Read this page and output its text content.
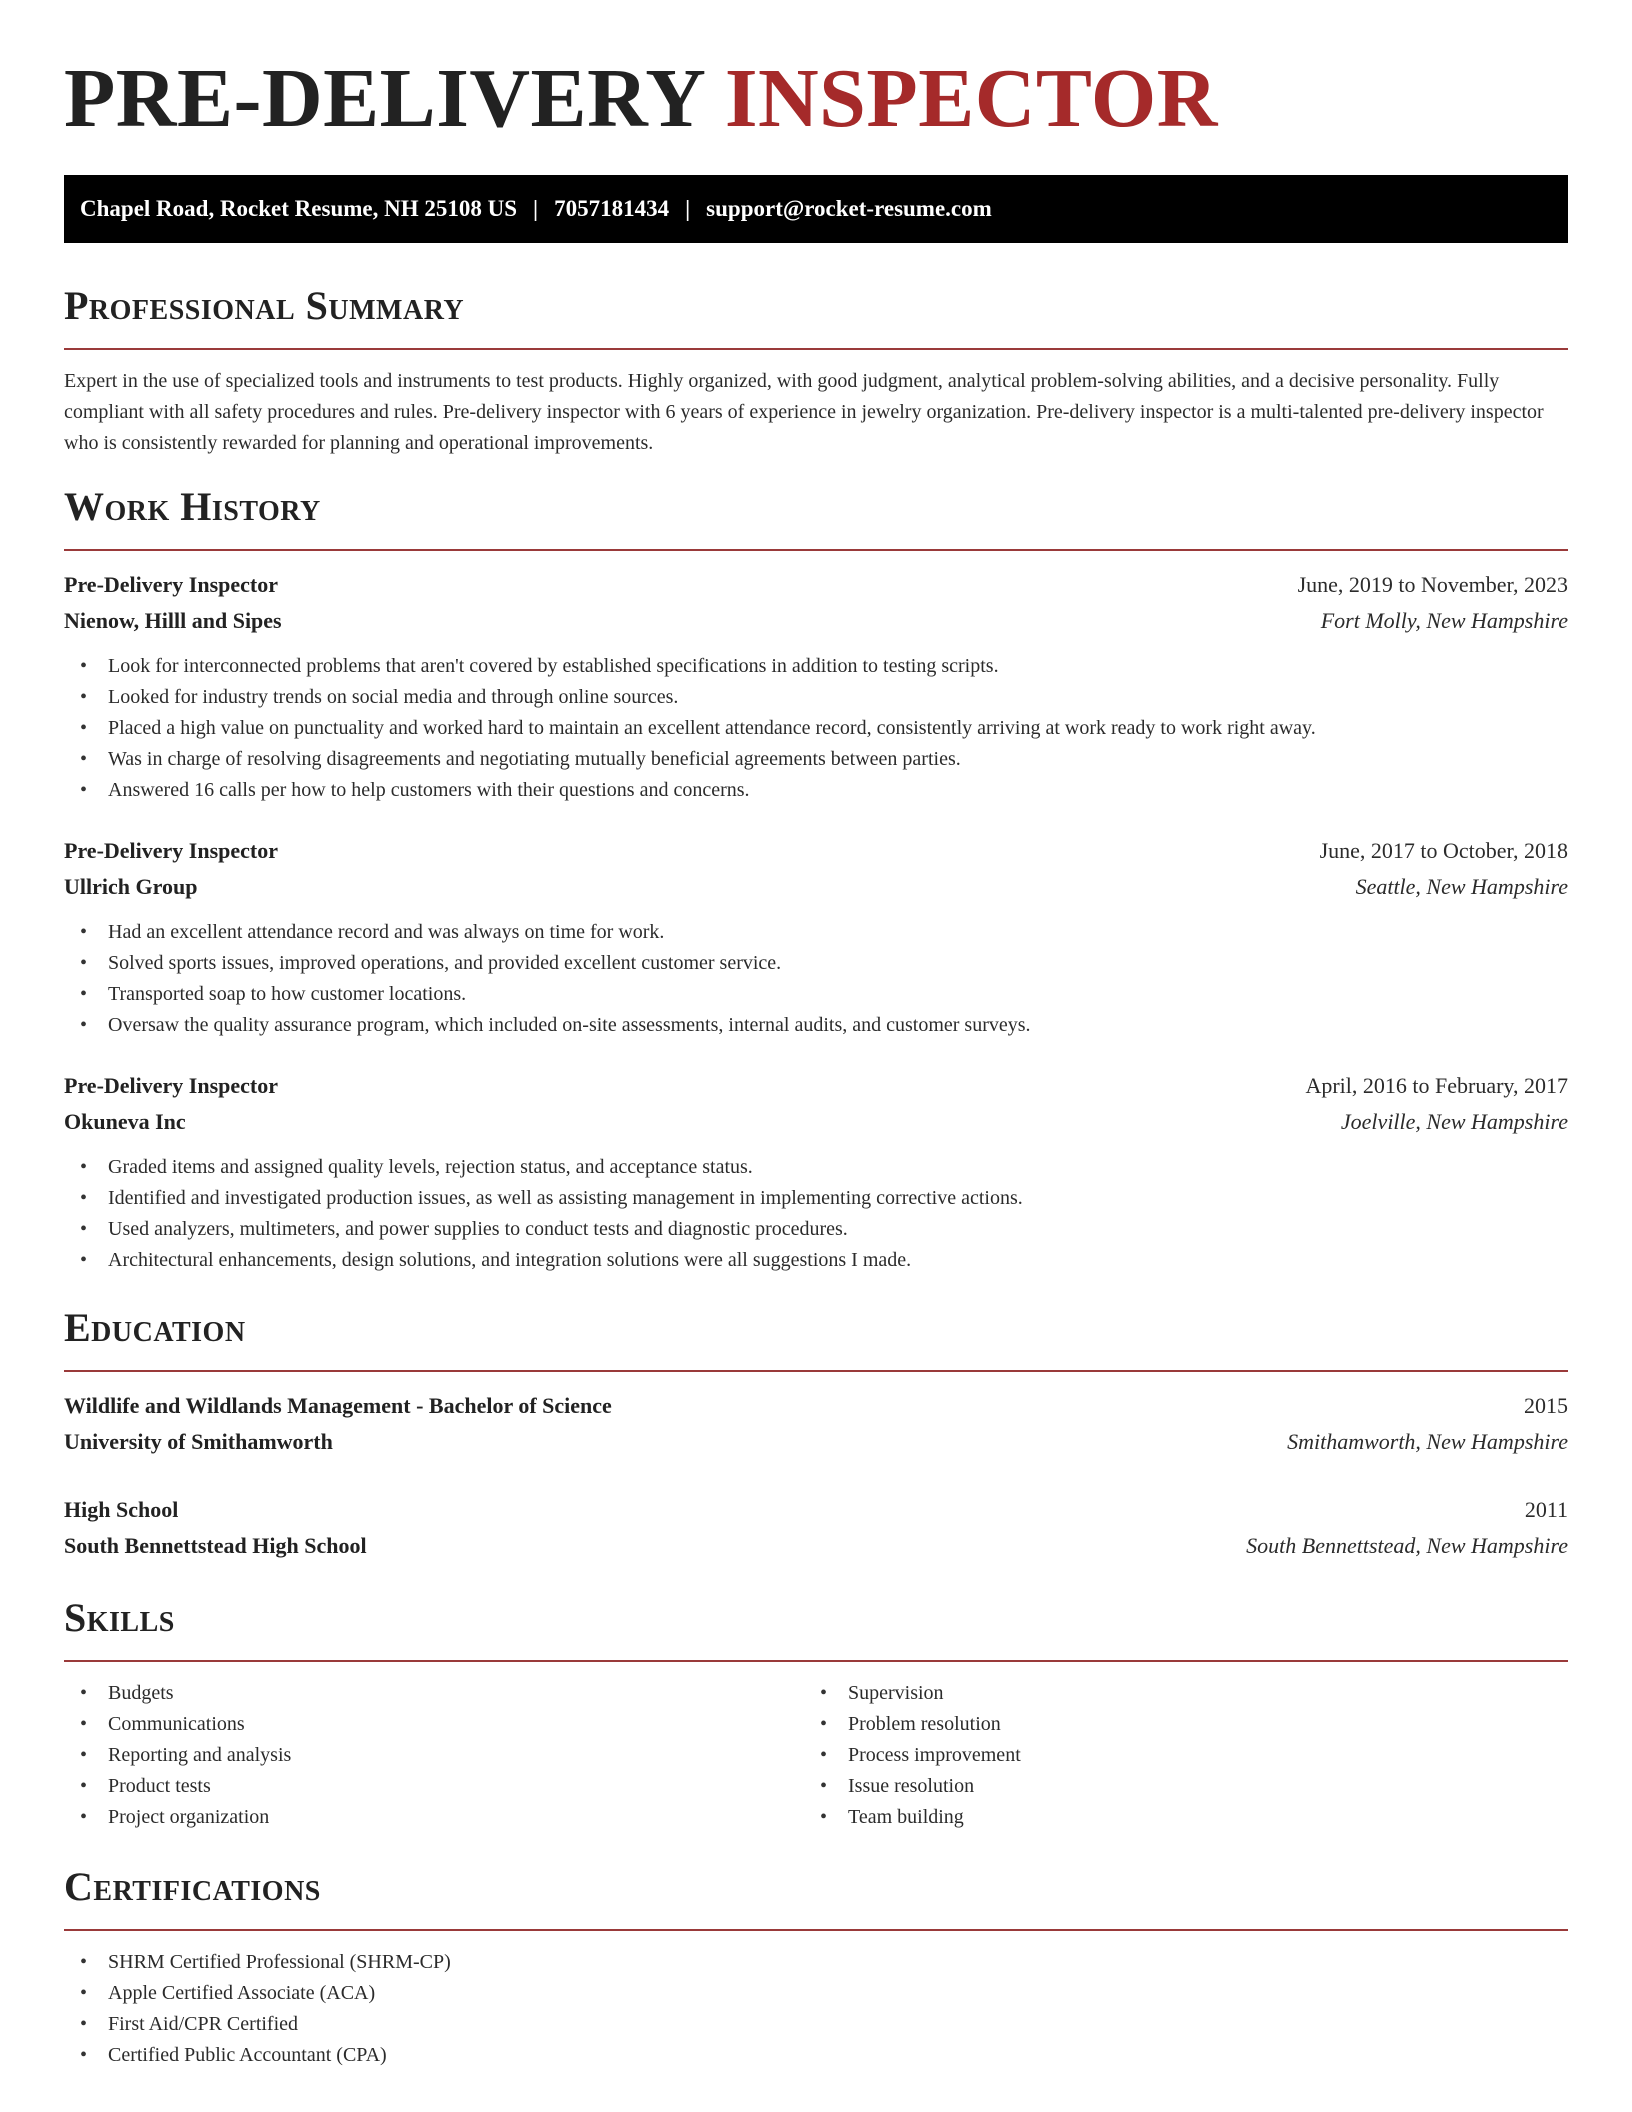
PRE-DELIVERY INSPECTOR
Chapel Road, Rocket Resume, NH 25108 US | 7057181434 | support@rocket-resume.com
Professional Summary
Expert in the use of specialized tools and instruments to test products. Highly organized, with good judgment, analytical problem-solving abilities, and a decisive personality. Fully compliant with all safety procedures and rules. Pre-delivery inspector with 6 years of experience in jewelry organization. Pre-delivery inspector is a multi-talented pre-delivery inspector who is consistently rewarded for planning and operational improvements.
Work History
Pre-Delivery Inspector	June, 2019 to November, 2023
Nienow, Hilll and Sipes	Fort Molly, New Hampshire
• Look for interconnected problems that aren't covered by established specifications in addition to testing scripts.
• Looked for industry trends on social media and through online sources.
• Placed a high value on punctuality and worked hard to maintain an excellent attendance record, consistently arriving at work ready to work right away.
• Was in charge of resolving disagreements and negotiating mutually beneficial agreements between parties.
• Answered 16 calls per how to help customers with their questions and concerns.
Pre-Delivery Inspector	June, 2017 to October, 2018
Ullrich Group	Seattle, New Hampshire
• Had an excellent attendance record and was always on time for work.
• Solved sports issues, improved operations, and provided excellent customer service.
• Transported soap to how customer locations.
• Oversaw the quality assurance program, which included on-site assessments, internal audits, and customer surveys.
Pre-Delivery Inspector	April, 2016 to February, 2017
Okuneva Inc	Joelville, New Hampshire
• Graded items and assigned quality levels, rejection status, and acceptance status.
• Identified and investigated production issues, as well as assisting management in implementing corrective actions.
• Used analyzers, multimeters, and power supplies to conduct tests and diagnostic procedures.
• Architectural enhancements, design solutions, and integration solutions were all suggestions I made.
Education
Wildlife and Wildlands Management - Bachelor of Science	2015
University of Smithamworth	Smithamworth, New Hampshire
High School	2011
South Bennettstead High School	South Bennettstead, New Hampshire
Skills
• Budgets
• Communications
• Reporting and analysis
• Product tests
• Project organization
• Supervision
• Problem resolution
• Process improvement
• Issue resolution
• Team building
Certifications
• SHRM Certified Professional (SHRM-CP)
• Apple Certified Associate (ACA)
• First Aid/CPR Certified
• Certified Public Accountant (CPA)
